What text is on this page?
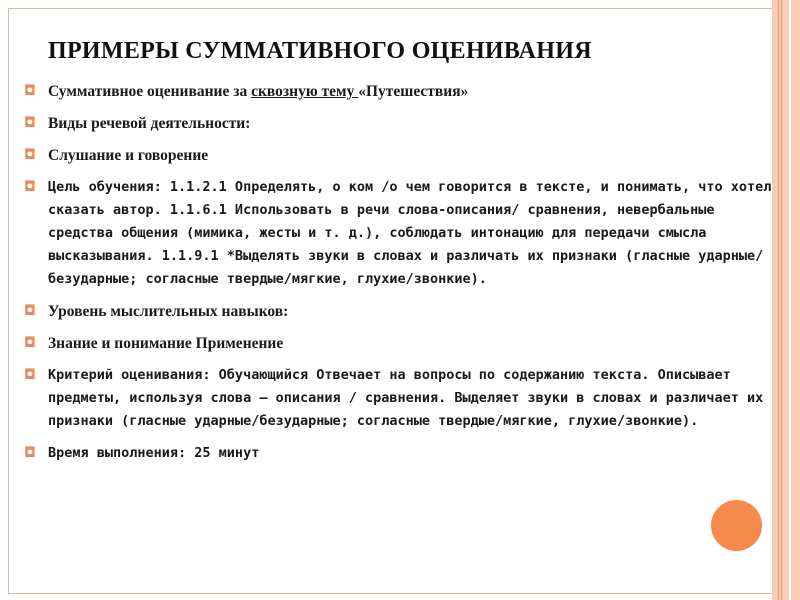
ПРИМЕРЫ СУММАТИВНОГО ОЦЕНИВАНИЯ
◘ Суммативное оценивание за сквозную тему «Путешествия»
◘ Виды речевой деятельности:
◘ Слушание и говорение
◘ Цель обучения: 1.1.2.1 Определять, о ком /о чем говорится в тексте, и понимать, что хотел сказать автор. 1.1.6.1 Использовать в речи слова-описания/ сравнения, невербальные средства общения (мимика, жесты и т. д.), соблюдать интонацию для передачи смысла высказывания. 1.1.9.1 *Выделять звуки в словах и различать их признаки (гласные ударные/безударные; согласные твердые/мягкие, глухие/звонкие).
◘ Уровень мыслительных навыков:
◘ Знание и понимание Применение
◘ Критерий оценивания: Обучающийся Отвечает на вопросы по содержанию текста. Описывает предметы, используя слова – описания / сравнения. Выделяет звуки в словах и различает их признаки (гласные ударные/безударные; согласные твердые/мягкие, глухие/звонкие).
◘ Время выполнения: 25 минут
